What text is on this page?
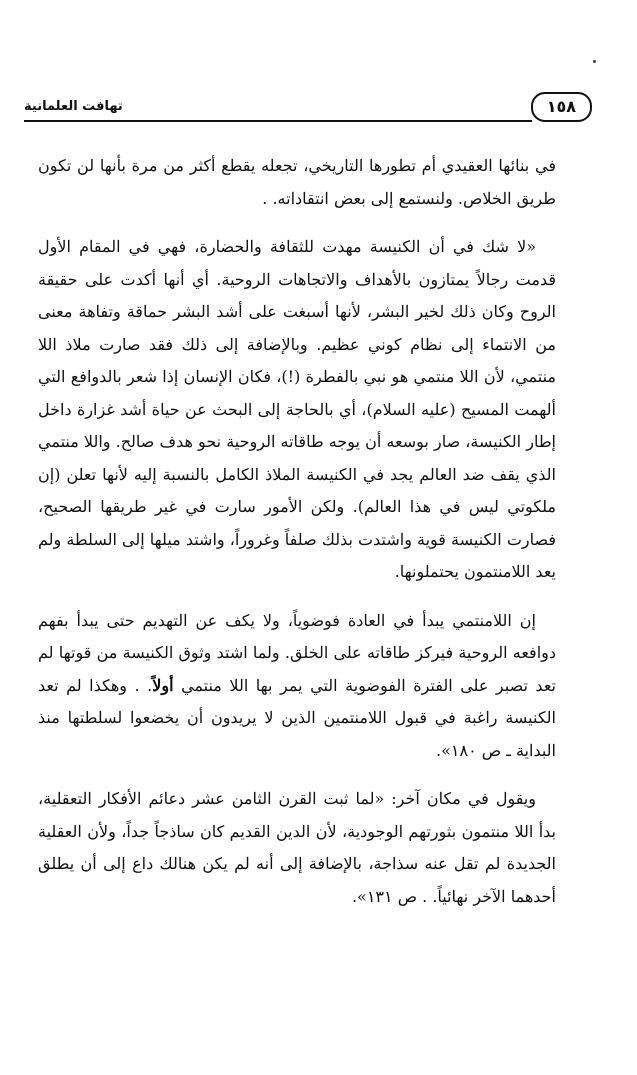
١٥٨
تهافت العلمانية

في بنائها العقيدي أم تطورها التاريخي، تجعله يقطع أكثر من مرة بأنها لن تكون طريق الخلاص. ولنستمع إلى بعض انتقاداته. .

«لا شك في أن الكنيسة مهدت للثقافة والحضارة، فهي في المقام الأول قدمت رجالاً يمتازون بالأهداف والاتجاهات الروحية. أي أنها أكدت على حقيقة الروح وكان ذلك لخير البشر، لأنها أسبغت على أشد البشر حماقة وتفاهة معنى من الانتماء إلى نظام كوني عظيم. وبالإضافة إلى ذلك فقد صارت ملاذ اللا منتمي، لأن اللا منتمي هو نبي بالفطرة (!)، فكان الإنسان إذا شعر بالدوافع التي ألهمت المسيح (عليه السلام)، أي بالحاجة إلى البحث عن حياة أشد غزارة داخل إطار الكنيسة، صار بوسعه أن يوجه طاقاته الروحية نحو هدف صالح. واللا منتمي الذي يقف ضد العالم يجد في الكنيسة الملاذ الكامل بالنسبة إليه لأنها تعلن (إن ملكوتي ليس في هذا العالم). ولكن الأمور سارت في غير طريقها الصحيح، فصارت الكنيسة قوية واشتدت بذلك صلفاً وغروراً، واشتد ميلها إلى السلطة ولم يعد اللامنتمون يحتملونها.

إن اللامنتمي يبدأ في العادة فوضوياً، ولا يكف عن التهديم حتى يبدأ بفهم دوافعه الروحية فيركز طاقاته على الخلق. ولما اشتد وثوق الكنيسة من قوتها لم تعد تصبر على الفترة الفوضوية التي يمر بها اللا منتمي أولاً. . وهكذا لم تعد الكنيسة راغبة في قبول اللامنتمين الذين لا يريدون أن يخضعوا لسلطتها منذ البداية ـ ص ١٨٠».

ويقول في مكان آخر: «لما ثبت القرن الثامن عشر دعائم الأفكار التعقلية، بدأ اللا منتمون بثورتهم الوجودية، لأن الدين القديم كان ساذجاً جداً، ولأن العقلية الجديدة لم تقل عنه سذاجة، بالإضافة إلى أنه لم يكن هنالك داع إلى أن يطلق أحدهما الآخر نهائياً. . ص ١٣١».
